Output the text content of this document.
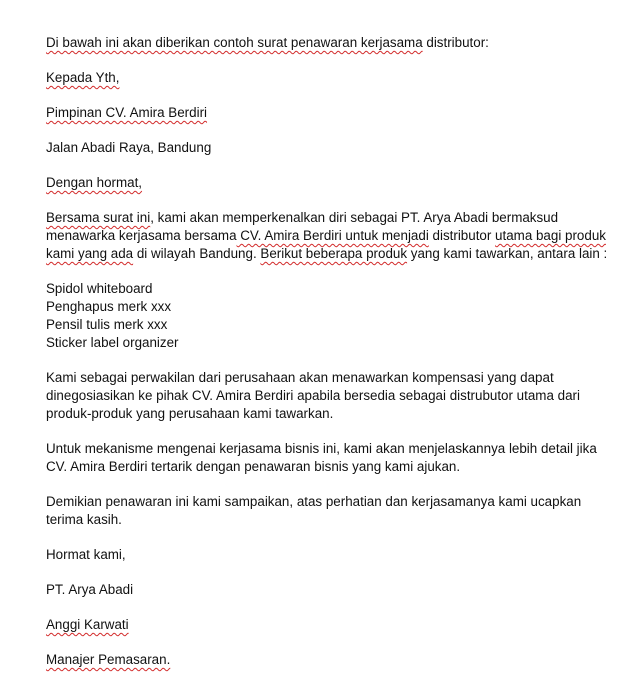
Di bawah ini akan diberikan contoh surat penawaran kerjasama distributor:

Kepada Yth,

Pimpinan CV. Amira Berdiri

Jalan Abadi Raya, Bandung

Dengan hormat,

Bersama surat ini, kami akan memperkenalkan diri sebagai PT. Arya Abadi bermaksud menawarka kerjasama bersama CV. Amira Berdiri untuk menjadi distributor utama bagi produk kami yang ada di wilayah Bandung. Berikut beberapa produk yang kami tawarkan, antara lain :

Spidol whiteboard

Penghapus merk xxx

Pensil tulis merk xxx

Sticker label organizer

Kami sebagai perwakilan dari perusahaan akan menawarkan kompensasi yang dapat dinegosiasikan ke pihak CV. Amira Berdiri apabila bersedia sebagai distrubutor utama dari produk-produk yang perusahaan kami tawarkan.

Untuk mekanisme mengenai kerjasama bisnis ini, kami akan menjelaskannya lebih detail jika CV. Amira Berdiri tertarik dengan penawaran bisnis yang kami ajukan.

Demikian penawaran ini kami sampaikan, atas perhatian dan kerjasamanya kami ucapkan terima kasih.

Hormat kami,

PT. Arya Abadi

Anggi Karwati

Manajer Pemasaran.
